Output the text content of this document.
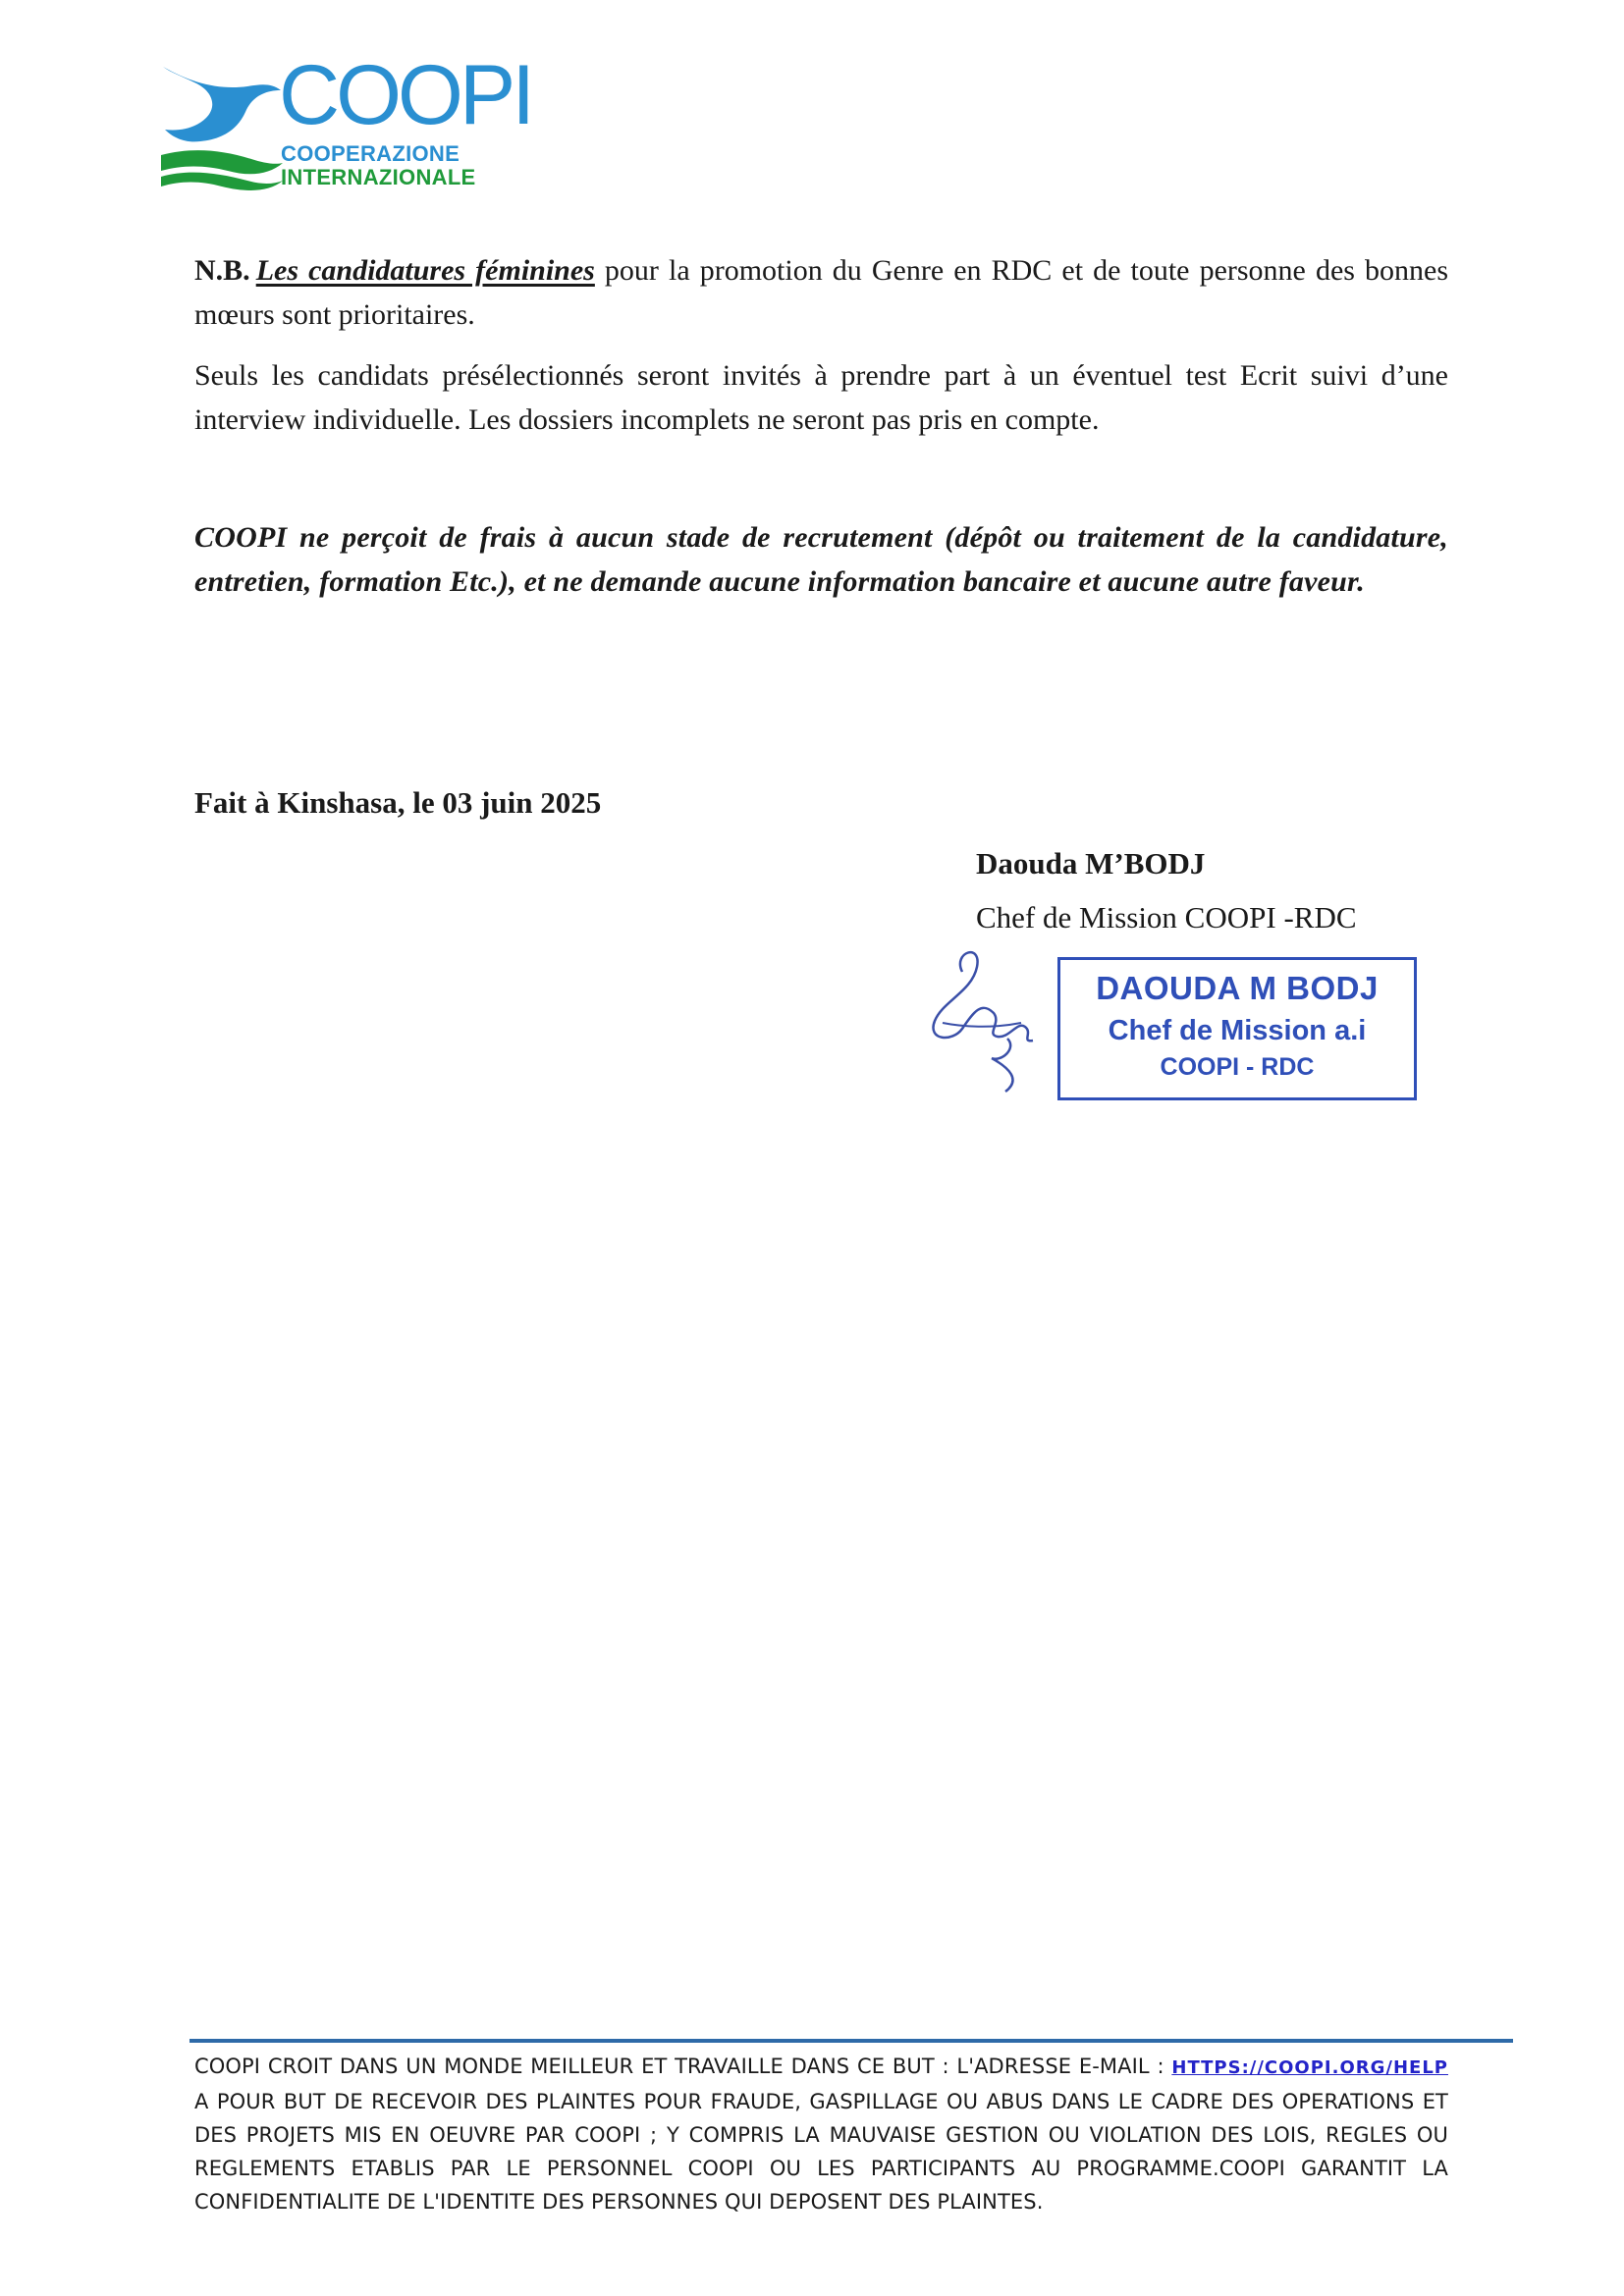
COOPI
COOPERAZIONE
INTERNAZIONALE
N.B. Les candidatures féminines pour la promotion du Genre en RDC et de toute personne des bonnes mœurs sont prioritaires.
Seuls les candidats présélectionnés seront invités à prendre part à un éventuel test Ecrit suivi d’une interview individuelle. Les dossiers incomplets ne seront pas pris en compte.
COOPI ne perçoit de frais à aucun stade de recrutement (dépôt ou traitement de la candidature, entretien, formation Etc.), et ne demande aucune information bancaire et aucune autre faveur.
Fait à Kinshasa, le 03 juin 2025
Daouda M’BODJ
Chef de Mission COOPI -RDC
DAOUDA M BODJ
Chef de Mission a.i
COOPI - RDC
COOPI CROIT DANS UN MONDE MEILLEUR ET TRAVAILLE DANS CE BUT : L'ADRESSE E-MAIL : HTTPS://COOPI.ORG/HELP A POUR BUT DE RECEVOIR DES PLAINTES POUR FRAUDE, GASPILLAGE OU ABUS DANS LE CADRE DES OPERATIONS ET DES PROJETS MIS EN OEUVRE PAR COOPI ; Y COMPRIS LA MAUVAISE GESTION OU VIOLATION DES LOIS, REGLES OU REGLEMENTS ETABLIS PAR LE PERSONNEL COOPI OU LES PARTICIPANTS AU PROGRAMME.COOPI GARANTIT LA CONFIDENTIALITE DE L'IDENTITE DES PERSONNES QUI DEPOSENT DES PLAINTES.
